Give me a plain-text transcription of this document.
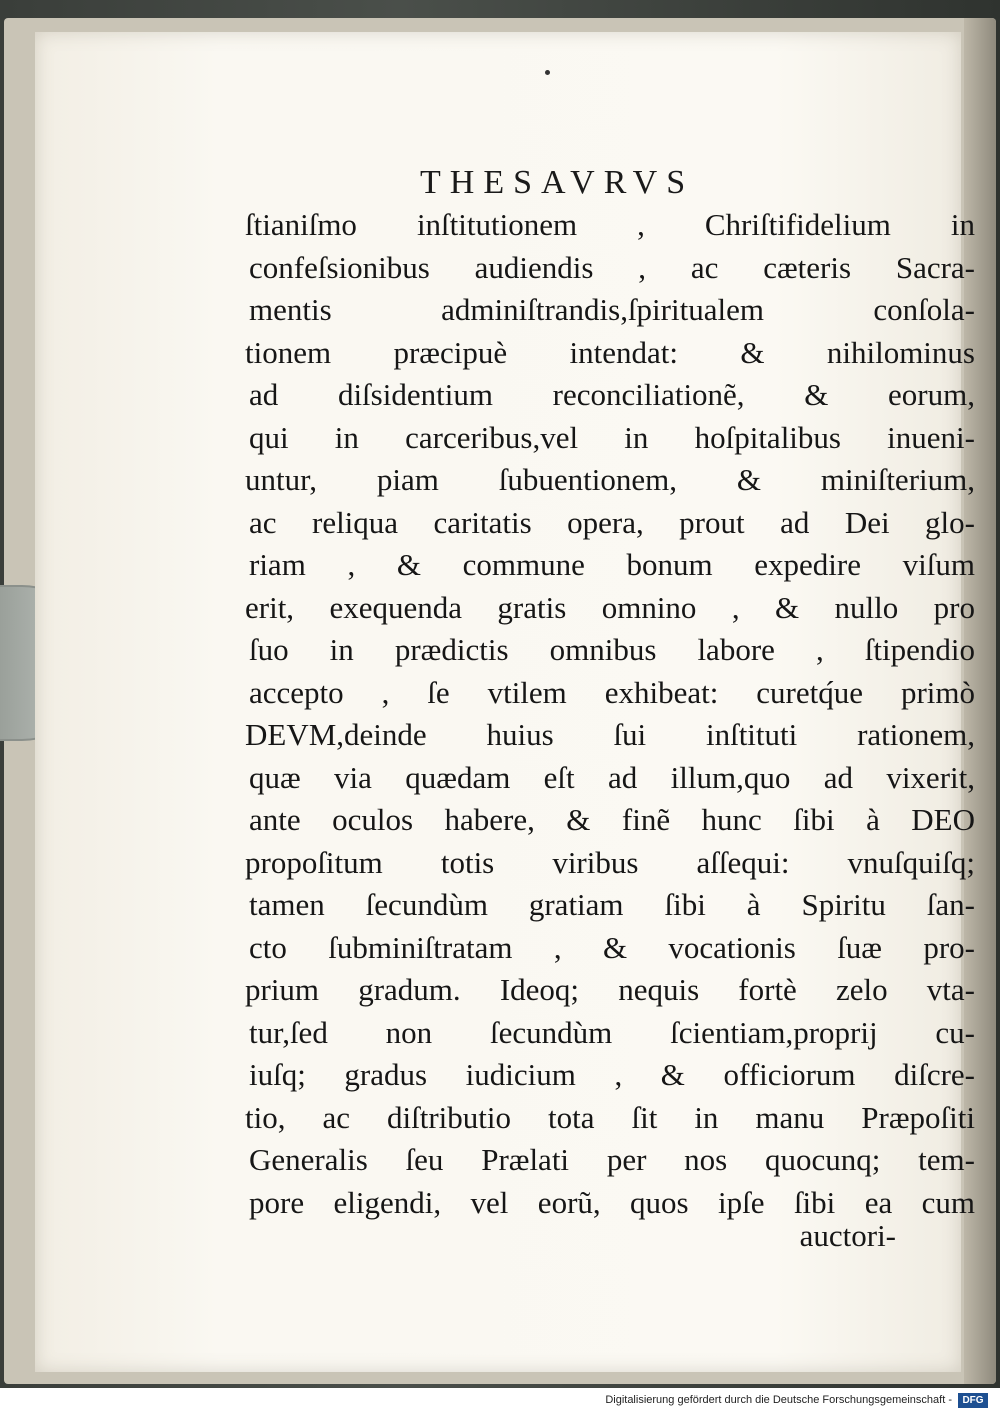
THESAVRVS
ſtianiſmo inſtitutionem , Chriſtifidelium in
confeſsionibus audiendis , ac cæteris Sacra-
mentis adminiſtrandis,ſpiritualem conſola-
tionem præcipuè intendat: & nihilominus
ad diſsidentium reconciliationẽ, & eorum,
qui in carceribus,vel in hoſpitalibus inueni-
untur, piam ſubuentionem, & miniſterium,
ac reliqua caritatis opera, prout ad Dei glo-
riam , & commune bonum expedire viſum
erit, exequenda gratis omnino , & nullo pro
ſuo in prædictis omnibus labore , ſtipendio
accepto , ſe vtilem exhibeat: curetq́ue primò
DEVM,deinde huius ſui inſtituti rationem,
quæ via quædam eſt ad illum,quo ad vixerit,
ante oculos habere, & finẽ hunc ſibi à DEO
propoſitum totis viribus aſſequi: vnuſquiſq;
tamen ſecundùm gratiam ſibi à Spiritu ſan-
cto ſubminiſtratam , & vocationis ſuæ pro-
prium gradum. Ideoq; nequis fortè zelo vta-
tur,ſed non ſecundùm ſcientiam,proprij cu-
iuſq; gradus iudicium , & officiorum diſcre-
tio, ac diſtributio tota ſit in manu Præpoſiti
Generalis ſeu Prælati per nos quocunq; tem-
pore eligendi, vel eorũ, quos ipſe ſibi ea cum

auctori-

Digitalisierung gefördert durch die Deutsche Forschungsgemeinschaft -	DFG
